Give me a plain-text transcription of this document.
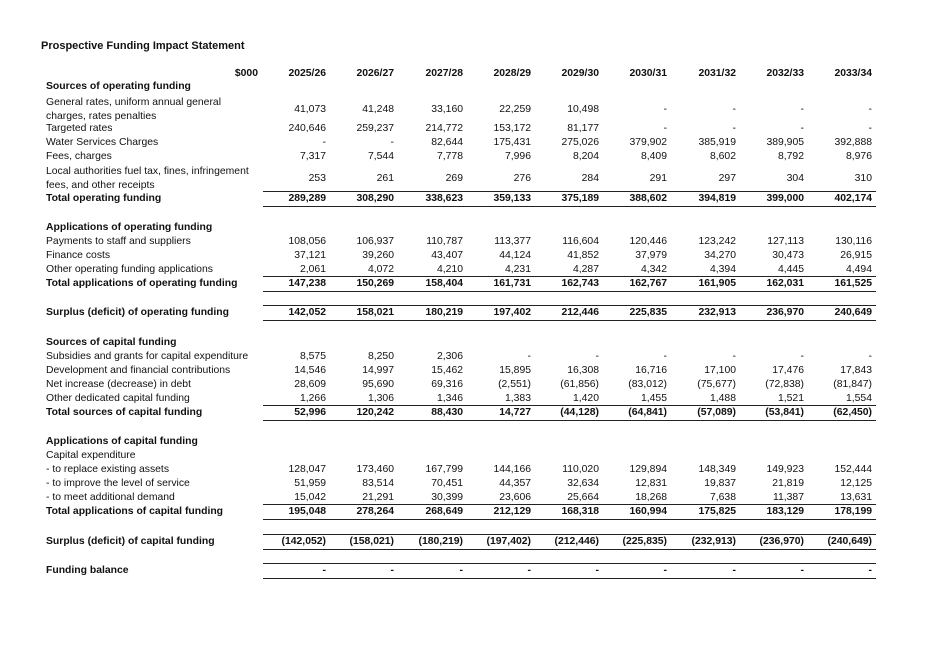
Prospective Funding Impact Statement
$000	2025/26	2026/27	2027/28	2028/29	2029/30	2030/31	2031/32	2032/33	2033/34
Sources of operating funding
General rates, uniform annual general
charges, rates penalties
41,073	41,248	33,160	22,259	10,498	-	-	-	-
Targeted rates	240,646	259,237	214,772	153,172	81,177	-	-	-	-
Water Services Charges	-	-	82,644	175,431	275,026	379,902	385,919	389,905	392,888
Fees, charges	7,317	7,544	7,778	7,996	8,204	8,409	8,602	8,792	8,976
Local authorities fuel tax, fines, infringement
fees, and other receipts
253	261	269	276	284	291	297	304	310
Total operating funding	289,289	308,290	338,623	359,133	375,189	388,602	394,819	399,000	402,174
Applications of operating funding
Payments to staff and suppliers	108,056	106,937	110,787	113,377	116,604	120,446	123,242	127,113	130,116
Finance costs	37,121	39,260	43,407	44,124	41,852	37,979	34,270	30,473	26,915
Other operating funding applications	2,061	4,072	4,210	4,231	4,287	4,342	4,394	4,445	4,494
Total applications of operating funding	147,238	150,269	158,404	161,731	162,743	162,767	161,905	162,031	161,525
Surplus (deficit) of operating funding	142,052	158,021	180,219	197,402	212,446	225,835	232,913	236,970	240,649
Sources of capital funding
Subsidies and grants for capital expenditure	8,575	8,250	2,306	-	-	-	-	-	-
Development and financial contributions	14,546	14,997	15,462	15,895	16,308	16,716	17,100	17,476	17,843
Net increase (decrease) in debt	28,609	95,690	69,316	(2,551)	(61,856)	(83,012)	(75,677)	(72,838)	(81,847)
Other dedicated capital funding	1,266	1,306	1,346	1,383	1,420	1,455	1,488	1,521	1,554
Total sources of capital funding	52,996	120,242	88,430	14,727	(44,128)	(64,841)	(57,089)	(53,841)	(62,450)
Applications of capital funding
Capital expenditure
- to replace existing assets	128,047	173,460	167,799	144,166	110,020	129,894	148,349	149,923	152,444
- to improve the level of service	51,959	83,514	70,451	44,357	32,634	12,831	19,837	21,819	12,125
- to meet additional demand	15,042	21,291	30,399	23,606	25,664	18,268	7,638	11,387	13,631
Total applications of capital funding	195,048	278,264	268,649	212,129	168,318	160,994	175,825	183,129	178,199
Surplus (deficit) of capital funding	(142,052)	(158,021)	(180,219)	(197,402)	(212,446)	(225,835)	(232,913)	(236,970)	(240,649)
Funding balance	-	-	-	-	-	-	-	-	-
